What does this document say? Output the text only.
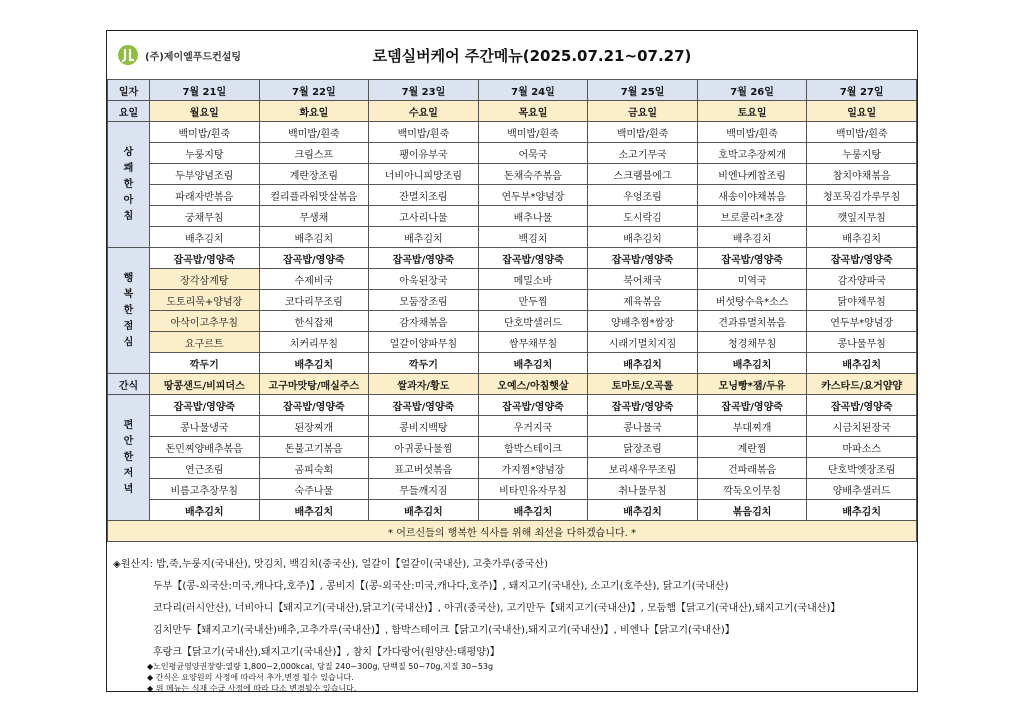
(주)제이엘푸드컨설팅	로뎀실버케어 주간메뉴(2025.07.21~07.27)
일자	7월 21일	7월 22일	7월 23일	7월 24일	7월 25일	7월 26일	7월 27일
요일	월요일	화요일	수요일	목요일	금요일	토요일	일요일

상
쾌
한
아
침	백미밥/흰죽	백미밥/흰죽	백미밥/흰죽	백미밥/흰죽	백미밥/흰죽	백미밥/흰죽	백미밥/흰죽
	누룽지탕	크림스프	팽이유부국	어묵국	소고기무국	호박고추장찌개	누룽지탕
	두부양념조림	계란장조림	너비아니피망조림	돈채숙주볶음	스크램블에그	비엔나케찹조림	참치야채볶음
	파래자반볶음	컬리플라워맛살볶음	잔멸치조림	연두부*양념장	우엉조림	새송이야채볶음	청포묵김가루무침
	궁채무침	무생채	고사리나물	배추나물	도시락김	브로콜리*초장	깻잎지무침
	배추김치	배추김치	배추김치	백김치	배추김치	배추김치	배추김치

행
복
한
점
심	잡곡밥/영양죽	잡곡밥/영양죽	잡곡밥/영양죽	잡곡밥/영양죽	잡곡밥/영양죽	잡곡밥/영양죽	잡곡밥/영양죽
	장각삼계탕	수제비국	아욱된장국	메밀소바	북어채국	미역국	감자양파국
	도토리묵+양념장	코다리무조림	모둠장조림	만두찜	제육볶음	버섯탕수육*소스	닭야채무침
	아삭이고추무침	한식잡채	감자채볶음	단호박샐러드	양배추찜*쌈장	견과류멸치볶음	연두부*양념장
	요구르트	치커리무침	얼갈이양파무침	쌈무채무침	시래기멸치지짐	청경채무침	콩나물무침
	깍두기	배추김치	깍두기	배추김치	배추김치	배추김치	배추김치
간식	땅콩샌드/비피더스	고구마맛탕/매실주스	쌀과자/황도	오예스/아침햇살	토마토/오곡롤	모닝빵*잼/두유	카스타드/요거얌얌

편
안
한
저
녁	잡곡밥/영양죽	잡곡밥/영양죽	잡곡밥/영양죽	잡곡밥/영양죽	잡곡밥/영양죽	잡곡밥/영양죽	잡곡밥/영양죽
	콩나물냉국	된장찌개	콩비지백탕	우거지국	콩나물국	부대찌개	시금치된장국
	돈민찌양배추볶음	돈불고기볶음	아귀콩나물찜	함박스테이크	닭장조림	계란찜	마파소스
	연근조림	곰피숙회	표고버섯볶음	가지찜*양념장	보리새우무조림	건파래볶음	단호박옛장조림
	비름고추장무침	숙주나물	무들깨지짐	비타민유자무침	취나물무침	깍둑오이무침	양배추샐러드
	배추김치	배추김치	배추김치	배추김치	배추김치	볶음김치	배추김치
* 어르신들의 행복한 식사를 위해 최선을 다하겠습니다. *							
◈원산지: 밥,죽,누룽지(국내산), 맛김치, 백김치(중국산), 얼갈이【얼갈이(국내산), 고춧가루(중국산)
두부【(콩-외국산:미국,캐나다,호주)】, 콩비지【(콩-외국산:미국,캐나다,호주)】, 돼지고기(국내산), 소고기(호주산), 닭고기(국내산)
코다리(러시안산), 너비아니【돼지고기(국내산),닭고기(국내산)】, 아귀(중국산), 고기만두【돼지고기(국내산)】, 모둠햄【닭고기(국내산),돼지고기(국내산)】
김치만두【돼지고기(국내산)배추,고추가루(국내산)】, 함박스테이크【닭고기(국내산),돼지고기(국내산)】, 비엔나【닭고기(국내산)】
후랑크【닭고기(국내산),돼지고기(국내산)】, 참치【가다랑어(원양산:태평양)】
◆노인평균영양권장량:열량 1,800~2,000kcal, 당질 240~300g, 단백질 50~70g,지질 30~53g
◆ 간식은 요양원의 사정에 따라서 추가,변경 될수 있습니다.
◆ 위 메뉴는 식재 수급 사정에 따라 다소 변경될수 있습니다.
